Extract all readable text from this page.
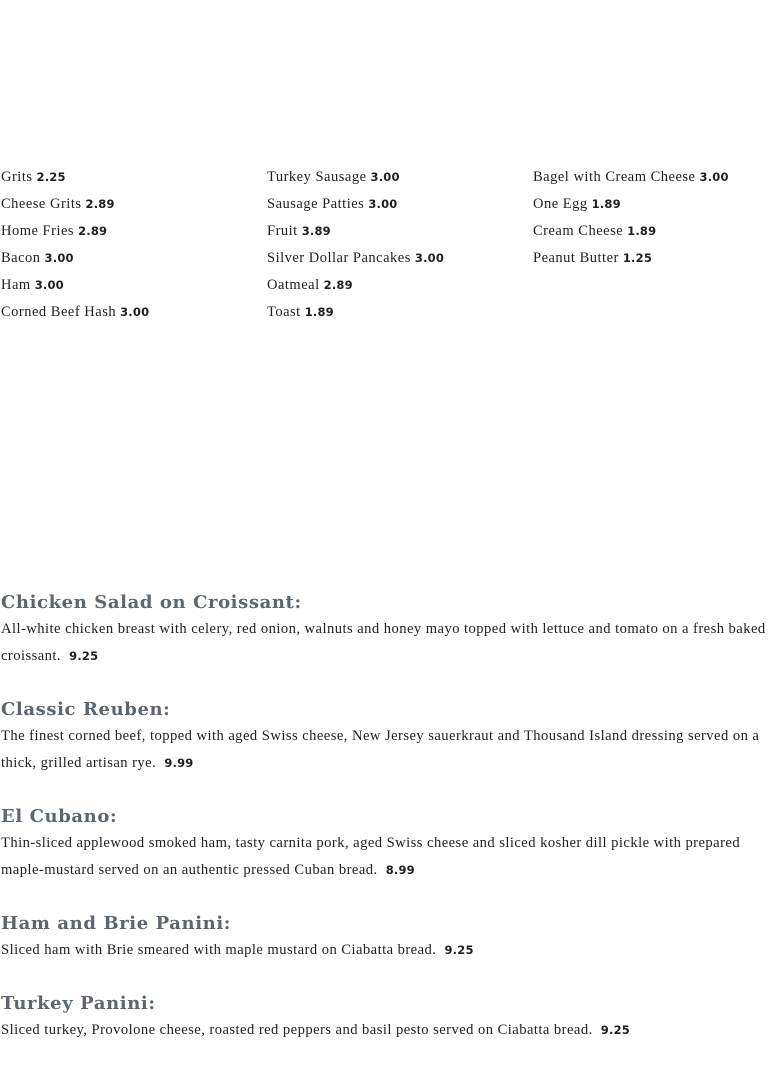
Grits 2.25
Cheese Grits 2.89
Home Fries 2.89
Bacon 3.00
Ham 3.00
Corned Beef Hash 3.00
Turkey Sausage 3.00
Sausage Patties 3.00
Fruit 3.89
Silver Dollar Pancakes 3.00
Oatmeal 2.89
Toast 1.89
Bagel with Cream Cheese 3.00
One Egg 1.89
Cream Cheese 1.89
Peanut Butter 1.25
Chicken Salad on Croissant:
All-white chicken breast with celery, red onion, walnuts and honey mayo topped with lettuce and tomato on a fresh baked croissant. 9.25
Classic Reuben:
The finest corned beef, topped with aged Swiss cheese, New Jersey sauerkraut and Thousand Island dressing served on a thick, grilled artisan rye. 9.99
El Cubano:
Thin-sliced applewood smoked ham, tasty carnita pork, aged Swiss cheese and sliced kosher dill pickle with prepared maple-mustard served on an authentic pressed Cuban bread. 8.99
Ham and Brie Panini:
Sliced ham with Brie smeared with maple mustard on Ciabatta bread. 9.25
Turkey Panini:
Sliced turkey, Provolone cheese, roasted red peppers and basil pesto served on Ciabatta bread. 9.25
